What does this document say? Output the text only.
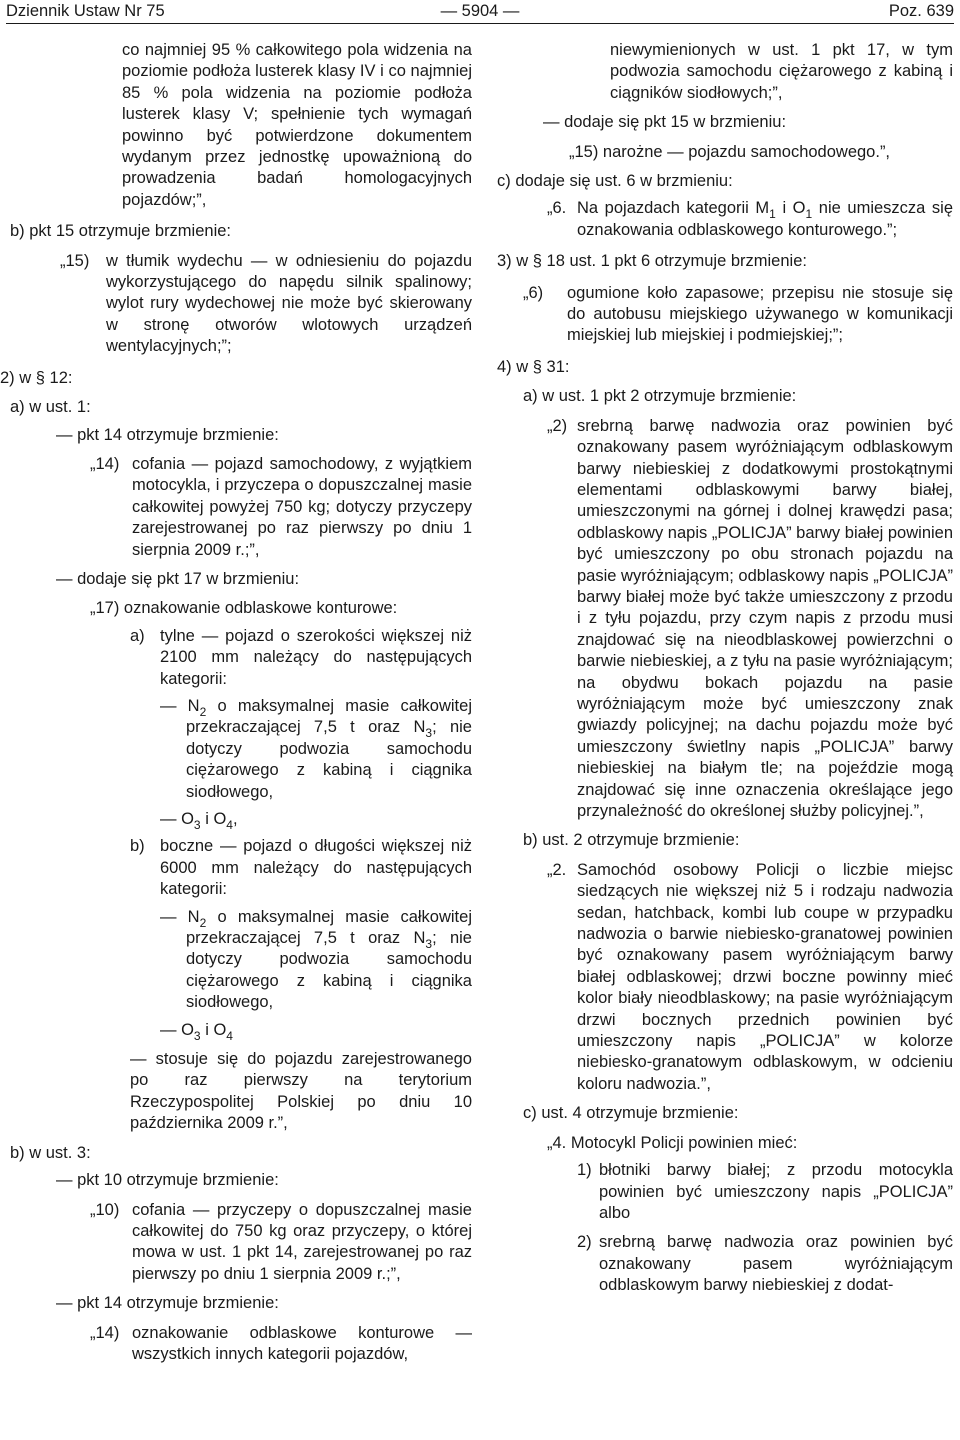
Dziennik Ustaw Nr 75	— 5904 —	Poz. 639
co najmniej 95 % całkowitego pola widzenia na poziomie podłoża lusterek klasy IV i co najmniej 85 % pola widzenia na poziomie podłoża lusterek klasy V; spełnienie tych wymagań powinno być potwierdzone dokumentem wydanym przez jednostkę upoważnioną do prowadzenia badań homologacyjnych pojazdów;”,
b) pkt 15 otrzymuje brzmienie:
„15) w tłumik wydechu — w odniesieniu do pojazdu wykorzystującego do napędu silnik spalinowy; wylot rury wydechowej nie może być skierowany w stronę otworów wlotowych urządzeń wentylacyjnych;”;
2) w § 12:
a) w ust. 1:
— pkt 14 otrzymuje brzmienie:
„14) cofania — pojazd samochodowy, z wyjątkiem motocykla, i przyczepa o dopuszczalnej masie całkowitej powyżej 750 kg; dotyczy przyczepy zarejestrowanej po raz pierwszy po dniu 1 sierpnia 2009 r.;”,
— dodaje się pkt 17 w brzmieniu:
„17) oznakowanie odblaskowe konturowe:
a) tylne — pojazd o szerokości większej niż 2100 mm należący do następujących kategorii:
— $N_2$ o maksymalnej masie całkowitej przekraczającej 7,5 t oraz $N_3$; nie dotyczy podwozia samochodu ciężarowego z kabiną i ciągnika siodłowego,
— $O_3$ i $O_4$,
b) boczne — pojazd o długości większej niż 6000 mm należący do następujących kategorii:
— $N_2$ o maksymalnej masie całkowitej przekraczającej 7,5 t oraz $N_3$; nie dotyczy podwozia samochodu ciężarowego z kabiną i ciągnika siodłowego,
— $O_3$ i $O_4$
— stosuje się do pojazdu zarejestrowanego po raz pierwszy na terytorium Rzeczypospolitej Polskiej po dniu 10 października 2009 r.”,
b) w ust. 3:
— pkt 10 otrzymuje brzmienie:
„10) cofania — przyczepy o dopuszczalnej masie całkowitej do 750 kg oraz przyczepy, o której mowa w ust. 1 pkt 14, zarejestrowanej po raz pierwszy po dniu 1 sierpnia 2009 r.;”,
— pkt 14 otrzymuje brzmienie:
„14) oznakowanie odblaskowe konturowe — wszystkich innych kategorii pojazdów,
niewymienionych w ust. 1 pkt 17, w tym podwozia samochodu ciężarowego z kabiną i ciągników siodłowych;”,
— dodaje się pkt 15 w brzmieniu:
„15) narożne — pojazdu samochodowego.”,
c) dodaje się ust. 6 w brzmieniu:
„6. Na pojazdach kategorii $M_1$ i $O_1$ nie umieszcza się oznakowania odblaskowego konturowego.”;
3) w § 18 ust. 1 pkt 6 otrzymuje brzmienie:
„6) ogumione koło zapasowe; przepisu nie stosuje się do autobusu miejskiego używanego w komunikacji miejskiej lub miejskiej i podmiejskiej;”;
4) w § 31:
a) w ust. 1 pkt 2 otrzymuje brzmienie:
„2) srebrną barwę nadwozia oraz powinien być oznakowany pasem wyróżniającym odblaskowym barwy niebieskiej z dodatkowymi prostokątnymi elementami odblaskowymi barwy białej, umieszczonymi na górnej i dolnej krawędzi pasa; odblaskowy napis „POLICJA” barwy białej powinien być umieszczony po obu stronach pojazdu na pasie wyróżniającym; odblaskowy napis „POLICJA” barwy białej może być także umieszczony z przodu i z tyłu pojazdu, przy czym napis z przodu musi znajdować się na nieodblaskowej powierzchni o barwie niebieskiej, a z tyłu na pasie wyróżniającym; na obydwu bokach pojazdu na pasie wyróżniającym może być umieszczony znak gwiazdy policyjnej; na dachu pojazdu może być umieszczony świetlny napis „POLICJA” barwy niebieskiej na białym tle; na pojeździe mogą znajdować się inne oznaczenia określające jego przynależność do określonej służby policyjnej.”,
b) ust. 2 otrzymuje brzmienie:
„2. Samochód osobowy Policji o liczbie miejsc siedzących nie większej niż 5 i rodzaju nadwozia sedan, hatchback, kombi lub coupe w przypadku nadwozia o barwie niebiesko-granatowej powinien być oznakowany pasem wyróżniającym barwy białej odblaskowej; drzwi boczne powinny mieć kolor biały nieodblaskowy; na pasie wyróżniającym drzwi bocznych przednich powinien być umieszczony napis „POLICJA” w kolorze niebiesko-granatowym odblaskowym, w odcieniu koloru nadwozia.”,
c) ust. 4 otrzymuje brzmienie:
„4. Motocykl Policji powinien mieć:
1) błotniki barwy białej; z przodu motocykla powinien być umieszczony napis „POLICJA” albo
2) srebrną barwę nadwozia oraz powinien być oznakowany pasem wyróżniającym odblaskowym barwy niebieskiej z dodat-
